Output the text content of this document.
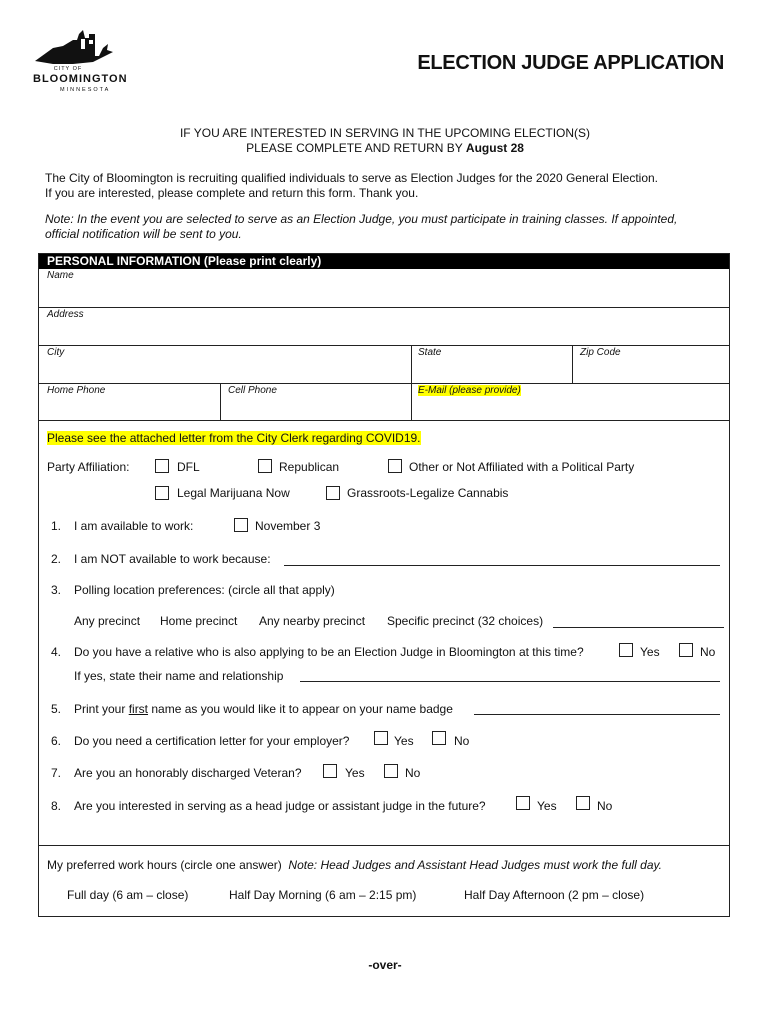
CITY OF
BLOOMINGTON
MINNESOTA
ELECTION JUDGE APPLICATION
IF YOU ARE INTERESTED IN SERVING IN THE UPCOMING ELECTION(S)
PLEASE COMPLETE AND RETURN BY August 28
The City of Bloomington is recruiting qualified individuals to serve as Election Judges for the 2020 General Election.
If you are interested, please complete and return this form. Thank you.
Note: In the event you are selected to serve as an Election Judge, you must participate in training classes. If appointed,
official notification will be sent to you.
PERSONAL INFORMATION (Please print clearly)
Name
Address
City	State	Zip Code
Home Phone	Cell Phone	E-Mail (please provide)
Please see the attached letter from the City Clerk regarding COVID19.
Party Affiliation:	DFL	Republican	Other or Not Affiliated with a Political Party
Legal Marijuana Now	Grassroots-Legalize Cannabis
1. I am available to work:	November 3
2. I am NOT available to work because:
3. Polling location preferences: (circle all that apply)
Any precinct Home precinct Any nearby precinct Specific precinct (32 choices)
4. Do you have a relative who is also applying to be an Election Judge in Bloomington at this time?	Yes	No
If yes, state their name and relationship
5. Print your first name as you would like it to appear on your name badge
6. Do you need a certification letter for your employer?	Yes	No
7. Are you an honorably discharged Veteran?	Yes	No
8. Are you interested in serving as a head judge or assistant judge in the future?	Yes	No
My preferred work hours (circle one answer) Note: Head Judges and Assistant Head Judges must work the full day.
Full day (6 am – close)	Half Day Morning (6 am – 2:15 pm)	Half Day Afternoon (2 pm – close)
-over-
